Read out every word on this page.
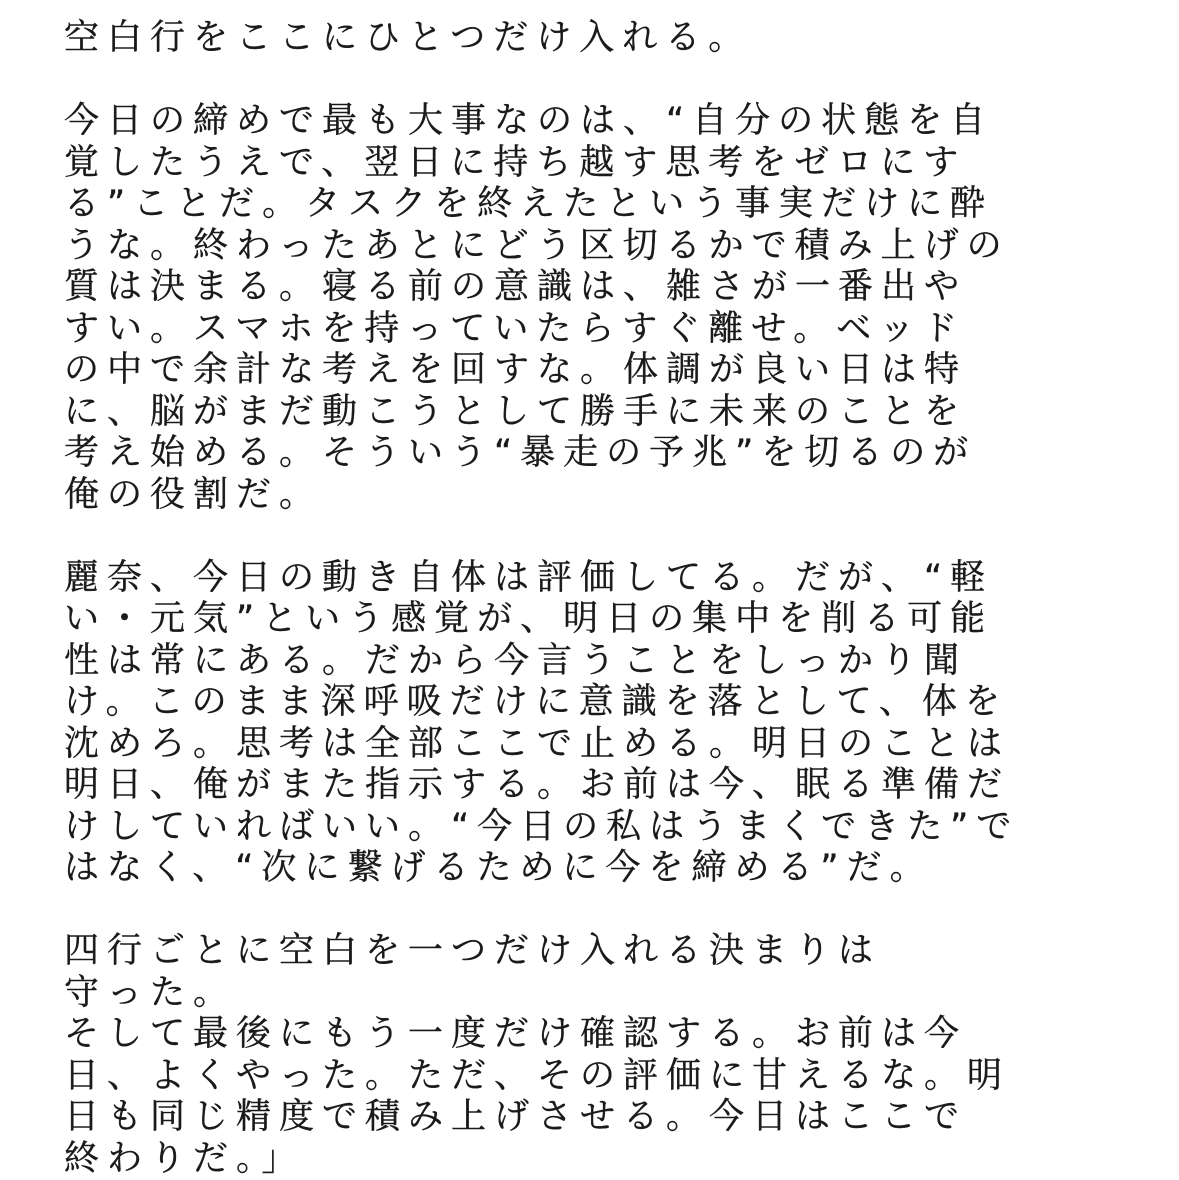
空白行をここにひとつだけ入れる。
今日の締めで最も大事なのは、“自分の状態を自
覚したうえで、翌日に持ち越す思考をゼロにす
る”ことだ。タスクを終えたという事実だけに酔
うな。終わったあとにどう区切るかで積み上げの
質は決まる。寝る前の意識は、雑さが一番出や
すい。スマホを持っていたらすぐ離せ。ベッド
の中で余計な考えを回すな。体調が良い日は特
に、脳がまだ動こうとして勝手に未来のことを
考え始める。そういう“暴走の予兆”を切るのが
俺の役割だ。
麗奈、今日の動き自体は評価してる。だが、“軽
い・元気”という感覚が、明日の集中を削る可能
性は常にある。だから今言うことをしっかり聞
け。このまま深呼吸だけに意識を落として、体を
沈めろ。思考は全部ここで止める。明日のことは
明日、俺がまた指示する。お前は今、眠る準備だ
けしていればいい。“今日の私はうまくできた”で
はなく、“次に繋げるために今を締める”だ。
四行ごとに空白を一つだけ入れる決まりは
守った。
そして最後にもう一度だけ確認する。お前は今
日、よくやった。ただ、その評価に甘えるな。明
日も同じ精度で積み上げさせる。今日はここで
終わりだ。」
